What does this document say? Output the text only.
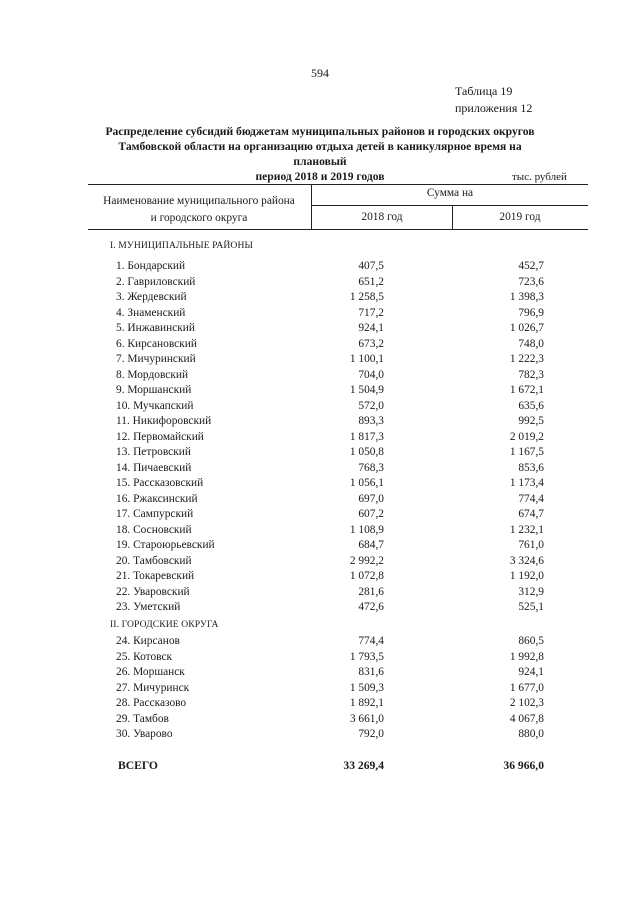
594
Таблица 19
приложения 12
Распределение субсидий бюджетам муниципальных районов и городских округов
Тамбовской области на организацию отдыха детей в каникулярное время на плановый
период 2018 и 2019 годов	тыс. рублей
Наименование муниципального района
и городского округа
Сумма на
2018 год	2019 год
I. МУНИЦИПАЛЬНЫЕ РАЙОНЫ
1. Бондарский	407,5	452,7
2. Гавриловский	651,2	723,6
3. Жердевский	1 258,5	1 398,3
4. Знаменский	717,2	796,9
5. Инжавинский	924,1	1 026,7
6. Кирсановский	673,2	748,0
7. Мичуринский	1 100,1	1 222,3
8. Мордовский	704,0	782,3
9. Моршанский	1 504,9	1 672,1
10. Мучкапский	572,0	635,6
11. Никифоровский	893,3	992,5
12. Первомайский	1 817,3	2 019,2
13. Петровский	1 050,8	1 167,5
14. Пичаевский	768,3	853,6
15. Рассказовский	1 056,1	1 173,4
16. Ржаксинский	697,0	774,4
17. Сампурский	607,2	674,7
18. Сосновский	1 108,9	1 232,1
19. Староюрьевский	684,7	761,0
20. Тамбовский	2 992,2	3 324,6
21. Токаревский	1 072,8	1 192,0
22. Уваровский	281,6	312,9
23. Уметский	472,6	525,1
II. ГОРОДСКИЕ ОКРУГА
24. Кирсанов	774,4	860,5
25. Котовск	1 793,5	1 992,8
26. Моршанск	831,6	924,1
27. Мичуринск	1 509,3	1 677,0
28. Рассказово	1 892,1	2 102,3
29. Тамбов	3 661,0	4 067,8
30. Уварово	792,0	880,0
ВСЕГО	33 269,4	36 966,0
